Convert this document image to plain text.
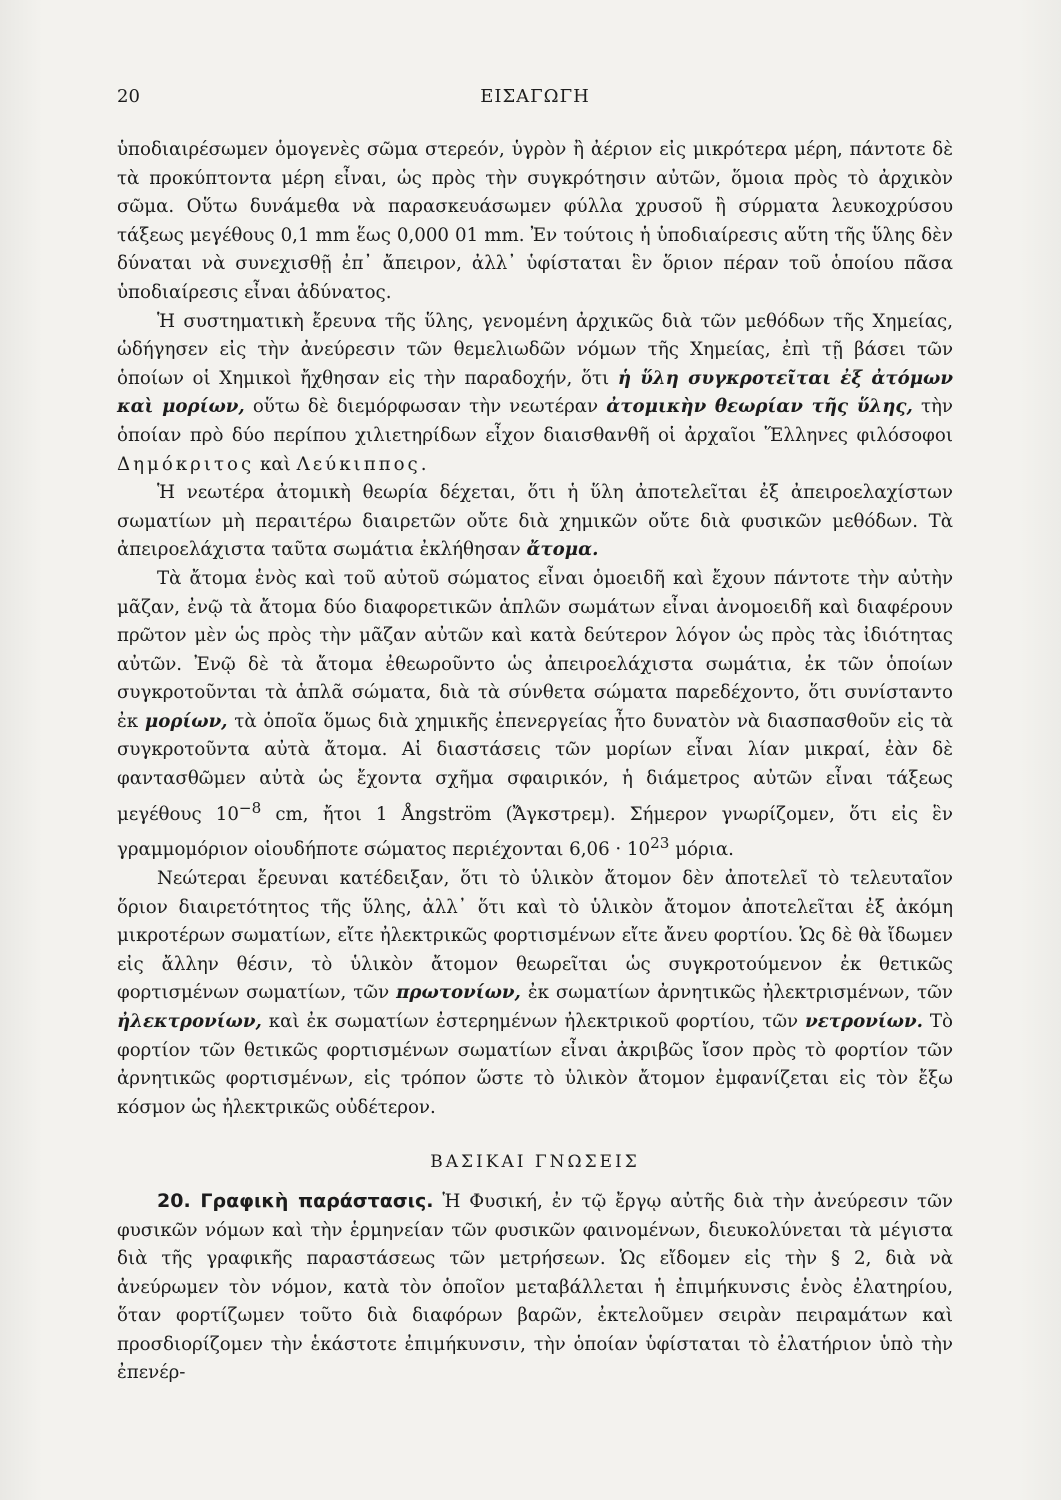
20	ΕΙΣΑΓΩΓΗ

ὑποδιαιρέσωμεν ὁμογενὲς σῶμα στερεόν, ὑγρὸν ἢ ἀέριον εἰς μικρότερα μέρη, πάντοτε δὲ τὰ προκύπτοντα μέρη εἶναι, ὡς πρὸς τὴν συγκρότησιν αὐτῶν, ὅμοια πρὸς τὸ ἀρχικὸν σῶμα. Οὕτω δυνάμεθα νὰ παρασκευάσωμεν φύλλα χρυσοῦ ἢ σύρματα λευκοχρύσου τάξεως μεγέθους 0,1 mm ἕως 0,000 01 mm. Ἐν τούτοις ἡ ὑποδιαίρεσις αὕτη τῆς ὕλης δὲν δύναται νὰ συνεχισθῇ ἐπ᾽ ἄπειρον, ἀλλ᾽ ὑφίσταται ἓν ὅριον πέραν τοῦ ὁποίου πᾶσα ὑποδιαίρεσις εἶναι ἀδύνατος.

Ἡ συστηματικὴ ἔρευνα τῆς ὕλης, γενομένη ἀρχικῶς διὰ τῶν μεθόδων τῆς Χημείας, ὡδήγησεν εἰς τὴν ἀνεύρεσιν τῶν θεμελιωδῶν νόμων τῆς Χημείας, ἐπὶ τῇ βάσει τῶν ὁποίων οἱ Χημικοὶ ἤχθησαν εἰς τὴν παραδοχήν, ὅτι ἡ ὕλη συγκροτεῖται ἐξ ἀτόμων καὶ μορίων, οὕτω δὲ διεμόρφωσαν τὴν νεωτέραν ἀτομικὴν θεωρίαν τῆς ὕλης, τὴν ὁποίαν πρὸ δύο περίπου χιλιετηρίδων εἶχον διαισθανθῆ οἱ ἀρχαῖοι Ἕλληνες φιλόσοφοι Δημόκριτος καὶ Λεύκιππος.

Ἡ νεωτέρα ἀτομικὴ θεωρία δέχεται, ὅτι ἡ ὕλη ἀποτελεῖται ἐξ ἀπειροελαχίστων σωματίων μὴ περαιτέρω διαιρετῶν οὔτε διὰ χημικῶν οὔτε διὰ φυσικῶν μεθόδων. Τὰ ἀπειροελάχιστα ταῦτα σωμάτια ἐκλήθησαν ἄτομα.

Τὰ ἄτομα ἑνὸς καὶ τοῦ αὐτοῦ σώματος εἶναι ὁμοειδῆ καὶ ἔχουν πάντοτε τὴν αὐτὴν μᾶζαν, ἐνῷ τὰ ἄτομα δύο διαφορετικῶν ἁπλῶν σωμάτων εἶναι ἀνομοειδῆ καὶ διαφέρουν πρῶτον μὲν ὡς πρὸς τὴν μᾶζαν αὐτῶν καὶ κατὰ δεύτερον λόγον ὡς πρὸς τὰς ἰδιότητας αὐτῶν. Ἐνῷ δὲ τὰ ἄτομα ἐθεωροῦντο ὡς ἀπειροελάχιστα σωμάτια, ἐκ τῶν ὁποίων συγκροτοῦνται τὰ ἁπλᾶ σώματα, διὰ τὰ σύνθετα σώματα παρεδέχοντο, ὅτι συνίσταντο ἐκ μορίων, τὰ ὁποῖα ὅμως διὰ χημικῆς ἐπενεργείας ἦτο δυνατὸν νὰ διασπασθοῦν εἰς τὰ συγκροτοῦντα αὐτὰ ἄτομα. Αἱ διαστάσεις τῶν μορίων εἶναι λίαν μικραί, ἐὰν δὲ φαντασθῶμεν αὐτὰ ὡς ἔχοντα σχῆμα σφαιρικόν, ἡ διάμετρος αὐτῶν εἶναι τάξεως μεγέθους $10^{-8}$ cm, ἤτοι 1 Ångström (Ἄγκστρεμ). Σήμερον γνωρίζομεν, ὅτι εἰς ἓν γραμμομόριον οἱουδήποτε σώματος περιέχονται $6,06 \cdot 10^{23}$ μόρια.

Νεώτεραι ἔρευναι κατέδειξαν, ὅτι τὸ ὑλικὸν ἄτομον δὲν ἀποτελεῖ τὸ τελευταῖον ὅριον διαιρετότητος τῆς ὕλης, ἀλλ᾽ ὅτι καὶ τὸ ὑλικὸν ἄτομον ἀποτελεῖται ἐξ ἀκόμη μικροτέρων σωματίων, εἴτε ἠλεκτρικῶς φορτισμένων εἴτε ἄνευ φορτίου. Ὡς δὲ θὰ ἴδωμεν εἰς ἄλλην θέσιν, τὸ ὑλικὸν ἄτομον θεωρεῖται ὡς συγκροτούμενον ἐκ θετικῶς φορτισμένων σωματίων, τῶν πρωτονίων, ἐκ σωματίων ἀρνητικῶς ἠλεκτρισμένων, τῶν ἠλεκτρονίων, καὶ ἐκ σωματίων ἐστερημένων ἠλεκτρικοῦ φορτίου, τῶν νετρονίων. Τὸ φορτίον τῶν θετικῶς φορτισμένων σωματίων εἶναι ἀκριβῶς ἴσον πρὸς τὸ φορτίον τῶν ἀρνητικῶς φορτισμένων, εἰς τρόπον ὥστε τὸ ὑλικὸν ἄτομον ἐμφανίζεται εἰς τὸν ἔξω κόσμον ὡς ἠλεκτρικῶς οὐδέτερον.

ΒΑΣΙΚΑΙ ΓΝΩΣΕΙΣ

20. Γραφικὴ παράστασις. Ἡ Φυσική, ἐν τῷ ἔργῳ αὐτῆς διὰ τὴν ἀνεύρεσιν τῶν φυσικῶν νόμων καὶ τὴν ἑρμηνείαν τῶν φυσικῶν φαινομένων, διευκολύνεται τὰ μέγιστα διὰ τῆς γραφικῆς παραστάσεως τῶν μετρήσεων. Ὡς εἴδομεν εἰς τὴν § 2, διὰ νὰ ἀνεύρωμεν τὸν νόμον, κατὰ τὸν ὁποῖον μεταβάλλεται ἡ ἐπιμήκυνσις ἑνὸς ἐλατηρίου, ὅταν φορτίζωμεν τοῦτο διὰ διαφόρων βαρῶν, ἐκτελοῦμεν σειρὰν πειραμάτων καὶ προσδιορίζομεν τὴν ἑκάστοτε ἐπιμήκυνσιν, τὴν ὁποίαν ὑφίσταται τὸ ἐλατήριον ὑπὸ τὴν ἐπενέρ-
